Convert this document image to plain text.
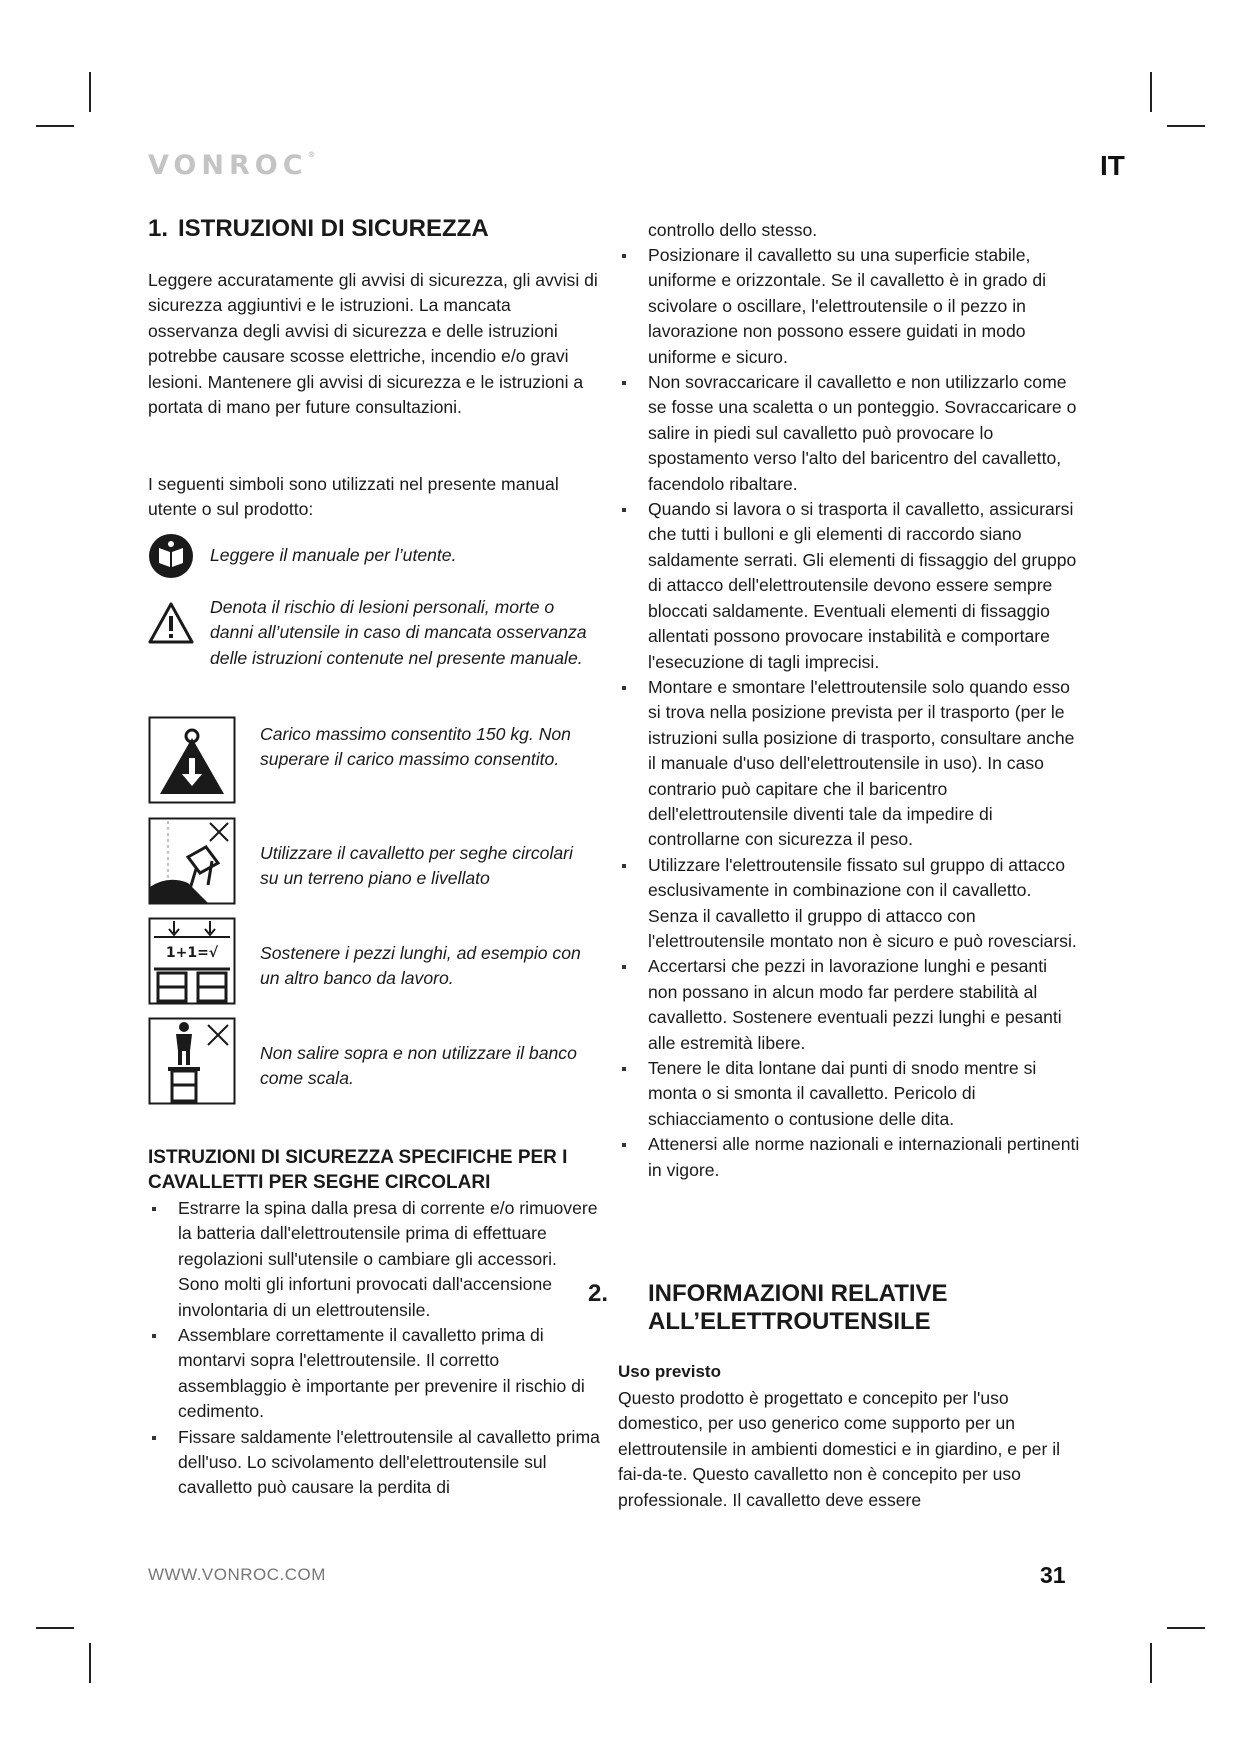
VONROC®	IT
1. ISTRUZIONI DI SICUREZZA

Leggere accuratamente gli avvisi di sicurezza, gli avvisi di sicurezza aggiuntivi e le istruzioni. La mancata osservanza degli avvisi di sicurezza e delle istruzioni potrebbe causare scosse elettriche, incendio e/o gravi lesioni. Mantenere gli avvisi di sicurezza e le istruzioni a portata di mano per future consultazioni.

I seguenti simboli sono utilizzati nel presente manual utente o sul prodotto:

Leggere il manuale per l’utente.

Denota il rischio di lesioni personali, morte o danni all’utensile in caso di mancata osservanza delle istruzioni contenute nel presente manuale.

Carico massimo consentito 150 kg. Non superare il carico massimo consentito.

Utilizzare il cavalletto per seghe circolari su un terreno piano e livellato

1+1=√ Sostenere i pezzi lunghi, ad esempio con un altro banco da lavoro.

Non salire sopra e non utilizzare il banco come scala.

ISTRUZIONI DI SICUREZZA SPECIFICHE PER I CAVALLETTI PER SEGHE CIRCOLARI
Estrarre la spina dalla presa di corrente e/o rimuovere la batteria dall'elettroutensile prima di effettuare regolazioni sull'utensile o cambiare gli accessori. Sono molti gli infortuni provocati dall'accensione involontaria di un elettroutensile.
Assemblare correttamente il cavalletto prima di montarvi sopra l'elettroutensile. Il corretto assemblaggio è importante per prevenire il rischio di cedimento.
Fissare saldamente l'elettroutensile al cavalletto prima dell'uso. Lo scivolamento dell'elettroutensile sul cavalletto può causare la perdita di

controllo dello stesso.

Posizionare il cavalletto su una superficie stabile, uniforme e orizzontale. Se il cavalletto è in grado di scivolare o oscillare, l'elettroutensile o il pezzo in lavorazione non possono essere guidati in modo uniforme e sicuro.
Non sovraccaricare il cavalletto e non utilizzarlo come se fosse una scaletta o un ponteggio. Sovraccaricare o salire in piedi sul cavalletto può provocare lo spostamento verso l'alto del baricentro del cavalletto, facendolo ribaltare.
Quando si lavora o si trasporta il cavalletto, assicurarsi che tutti i bulloni e gli elementi di raccordo siano saldamente serrati. Gli elementi di fissaggio del gruppo di attacco dell'elettroutensile devono essere sempre bloccati saldamente. Eventuali elementi di fissaggio allentati possono provocare instabilità e comportare l'esecuzione di tagli imprecisi.
Montare e smontare l'elettroutensile solo quando esso si trova nella posizione prevista per il trasporto (per le istruzioni sulla posizione di trasporto, consultare anche il manuale d'uso dell'elettroutensile in uso). In caso contrario può capitare che il baricentro dell'elettroutensile diventi tale da impedire di controllarne con sicurezza il peso.
Utilizzare l'elettroutensile fissato sul gruppo di attacco esclusivamente in combinazione con il cavalletto. Senza il cavalletto il gruppo di attacco con l'elettroutensile montato non è sicuro e può rovesciarsi.
Accertarsi che pezzi in lavorazione lunghi e pesanti non possano in alcun modo far perdere stabilità al cavalletto. Sostenere eventuali pezzi lunghi e pesanti alle estremità libere.
Tenere le dita lontane dai punti di snodo mentre si monta o si smonta il cavalletto. Pericolo di schiacciamento o contusione delle dita.
Attenersi alle norme nazionali e internazionali pertinenti in vigore.
2. INFORMAZIONI RELATIVE ALL’ELETTROUTENSILE
Uso previsto

Questo prodotto è progettato e concepito per l'uso domestico, per uso generico come supporto per un elettroutensile in ambienti domestici e in giardino, e per il fai-da-te. Questo cavalletto non è concepito per uso professionale. Il cavalletto deve essere

WWW.VONROC.COM	31
